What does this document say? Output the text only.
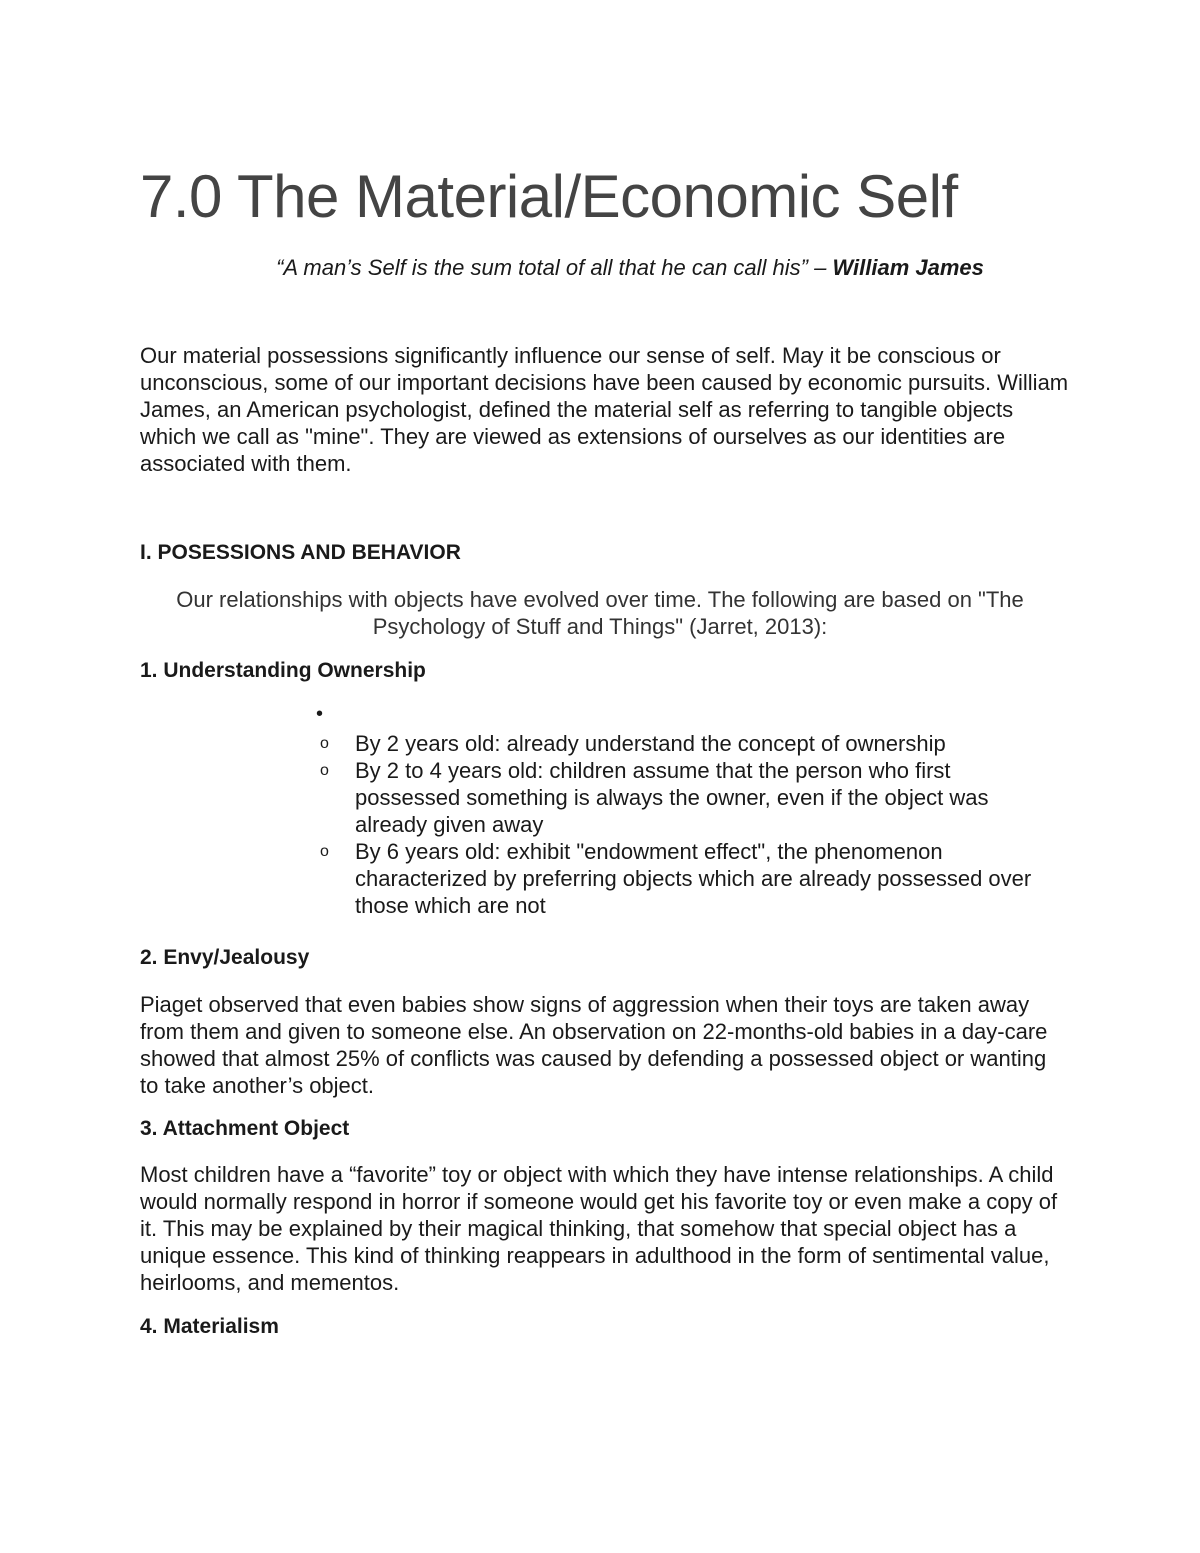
7.0 The Material/Economic Self

“A man’s Self is the sum total of all that he can call his” – William James

Our material possessions significantly influence our sense of self. May it be conscious or unconscious, some of our important decisions have been caused by economic pursuits. William James, an American psychologist, defined the material self as referring to tangible objects which we call as "mine". They are viewed as extensions of ourselves as our identities are associated with them.

I. POSESSIONS AND BEHAVIOR

Our relationships with objects have evolved over time. The following are based on "The Psychology of Stuff and Things" (Jarret, 2013):

1. Understanding Ownership
•
o By 2 years old: already understand the concept of ownership
o By 2 to 4 years old: children assume that the person who first possessed something is always the owner, even if the object was already given away
o By 6 years old: exhibit "endowment effect", the phenomenon characterized by preferring objects which are already possessed over those which are not
2. Envy/Jealousy

Piaget observed that even babies show signs of aggression when their toys are taken away from them and given to someone else. An observation on 22-months-old babies in a day-care showed that almost 25% of conflicts was caused by defending a possessed object or wanting to take another’s object.

3. Attachment Object

Most children have a “favorite” toy or object with which they have intense relationships. A child would normally respond in horror if someone would get his favorite toy or even make a copy of it. This may be explained by their magical thinking, that somehow that special object has a unique essence. This kind of thinking reappears in adulthood in the form of sentimental value, heirlooms, and mementos.

4. Materialism
